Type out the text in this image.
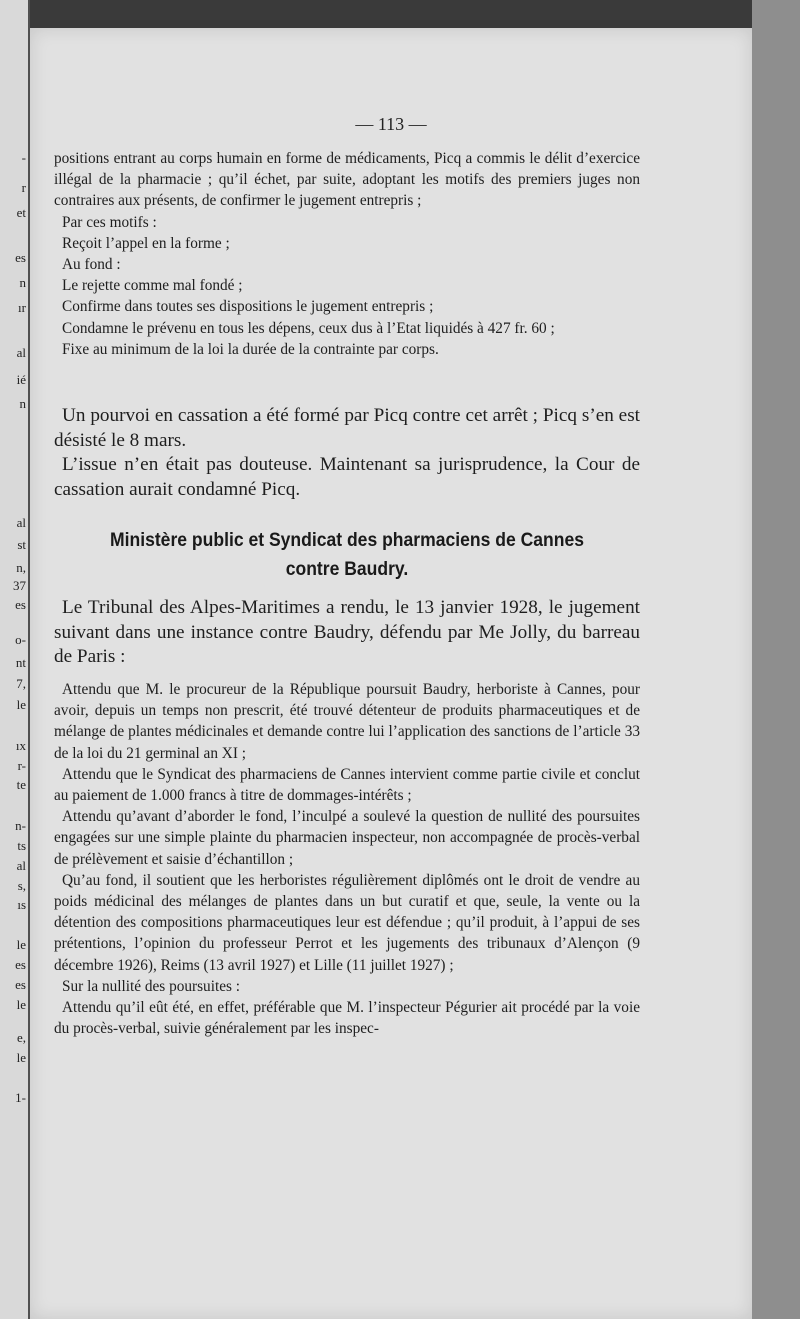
-
r
et
es
n
ır
al
ié
n
al
st
n,
37
es
o-
nt
7,
le
ıx
r-
te
n-
ts
al
s,
ıs
le
es
es
le
e,
le
1-
— 113 —

positions entrant au corps humain en forme de médicaments, Picq a commis le délit d’exercice illégal de la pharmacie ; qu’il échet, par suite, adoptant les motifs des premiers juges non contraires aux présents, de confirmer le jugement entrepris ;

Par ces motifs :

Reçoit l’appel en la forme ;

Au fond :

Le rejette comme mal fondé ;

Confirme dans toutes ses dispositions le jugement entrepris ;

Condamne le prévenu en tous les dépens, ceux dus à l’Etat liquidés à 427 fr. 60 ;

Fixe au minimum de la loi la durée de la contrainte par corps.

Un pourvoi en cassation a été formé par Picq contre cet arrêt ; Picq s’en est désisté le 8 mars.

L’issue n’en était pas douteuse. Maintenant sa jurisprudence, la Cour de cassation aurait condamné Picq.

Ministère public et Syndicat des pharmaciens de Cannes
contre Baudry.

Le Tribunal des Alpes-Maritimes a rendu, le 13 janvier 1928, le jugement suivant dans une instance contre Baudry, défendu par Me Jolly, du barreau de Paris :

Attendu que M. le procureur de la République poursuit Baudry, herboriste à Cannes, pour avoir, depuis un temps non prescrit, été trouvé détenteur de produits pharmaceutiques et de mélange de plantes médicinales et demande contre lui l’application des sanctions de l’article 33 de la loi du 21 germinal an XI ;

Attendu que le Syndicat des pharmaciens de Cannes intervient comme partie civile et conclut au paiement de 1.000 francs à titre de dommages-intérêts ;

Attendu qu’avant d’aborder le fond, l’inculpé a soulevé la question de nullité des poursuites engagées sur une simple plainte du pharmacien inspecteur, non accompagnée de procès-verbal de prélèvement et saisie d’échantillon ;

Qu’au fond, il soutient que les herboristes régulièrement diplômés ont le droit de vendre au poids médicinal des mélanges de plantes dans un but curatif et que, seule, la vente ou la détention des compositions pharmaceutiques leur est défendue ; qu’il produit, à l’appui de ses prétentions, l’opinion du professeur Perrot et les jugements des tribunaux d’Alençon (9 décembre 1926), Reims (13 avril 1927) et Lille (11 juillet 1927) ;

Sur la nullité des poursuites :

Attendu qu’il eût été, en effet, préférable que M. l’inspecteur Pégurier ait procédé par la voie du procès-verbal, suivie généralement par les inspec-
